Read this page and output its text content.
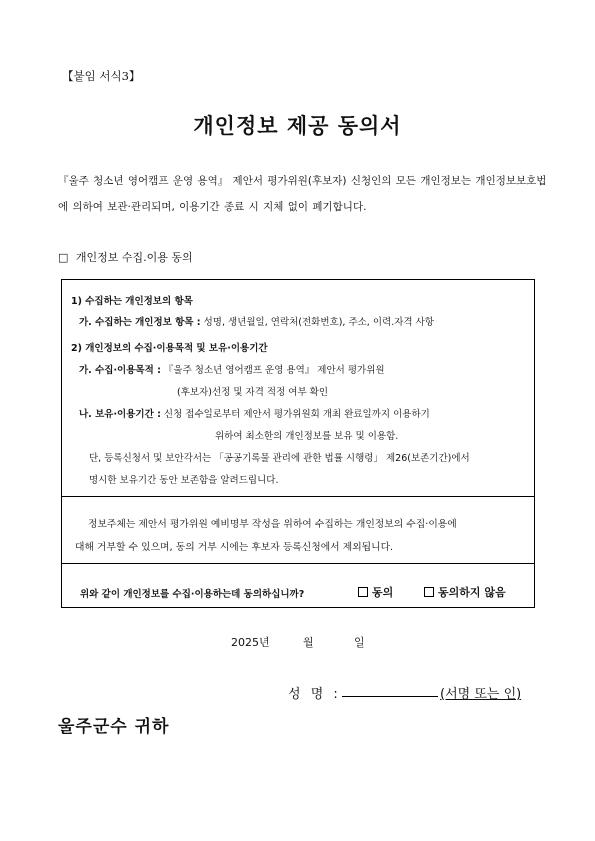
【붙임 서식3】
개인정보 제공 동의서
『울주 청소년 영어캠프 운영 용역』 제안서 평가위원(후보자) 신청인의 모든 개인정보는 개인정보보호법에 의하여 보관·관리되며, 이용기간 종료 시 지체 없이 폐기합니다.
□ 개인정보 수집.이용 동의
1) 수집하는 개인정보의 항목
가. 수집하는 개인정보 항목 : 성명, 생년월일, 연락처(전화번호), 주소, 이력.자격 사항
2) 개인정보의 수집·이용목적 및 보유·이용기간
가. 수집·이용목적 : 『울주 청소년 영어캠프 운영 용역』 제안서 평가위원
(후보자)선정 및 자격 적정 여부 확인
나. 보유·이용기간 : 신청 접수일로부터 제안서 평가위원회 개최 완료일까지 이용하기
위하여 최소한의 개인정보를 보유 및 이용함.
단, 등록신청서 및 보안각서는 「공공기록물 관리에 관한 법률 시행령」 제26(보존기간)에서
명시한 보유기간 동안 보존함을 알려드립니다.
정보주체는 제안서 평가위원 예비명부 작성을 위하여 수집하는 개인정보의 수집·이용에
대해 거부할 수 있으며, 동의 거부 시에는 후보자 등록신청에서 제외됩니다.
위와 같이 개인정보를 수집·이용하는데 동의하십니까?	동의	동의하지 않음
2025년	월	일
성 명 :	(서명 또는 인)
울주군수 귀하
